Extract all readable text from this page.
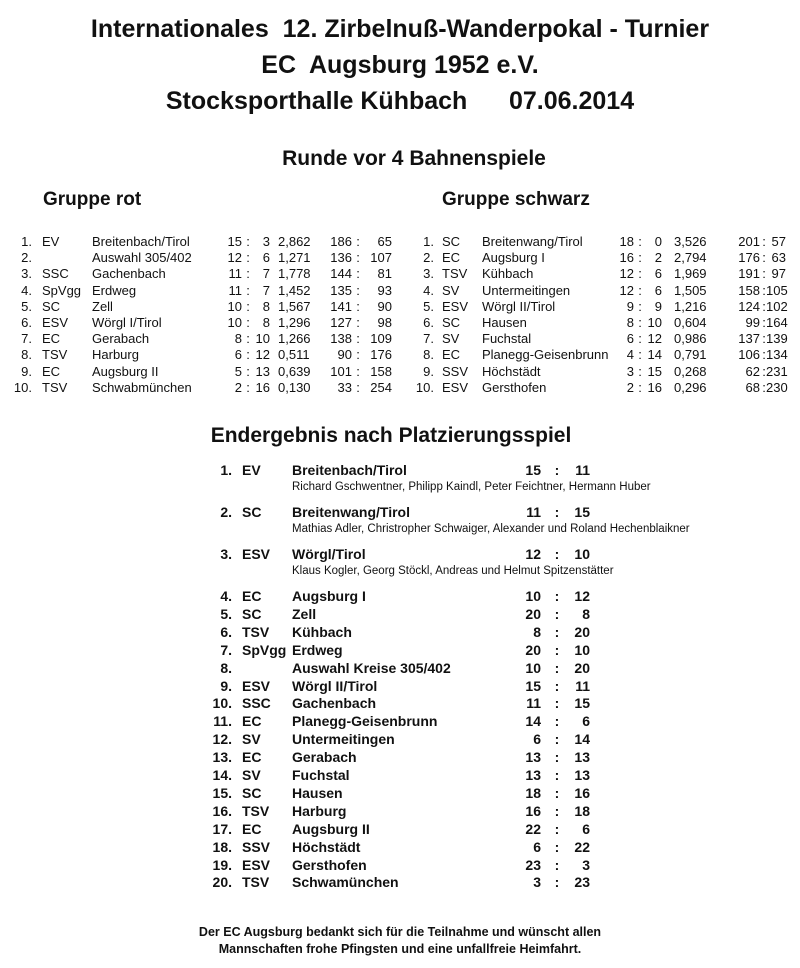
Internationales  12. Zirbelnuß-Wanderpokal - Turnier
EC  Augsburg 1952 e.V.
Stocksporthalle Kühbach      07.06.2014
Runde vor 4 Bahnenspiele
Gruppe rot	Gruppe schwarz
1. EV	Breitenbach/Tirol	15 : 3 2,862	186 :	65
2.	Auswahl 305/402	12 : 6 1,271	136 : 107
3. SSC Gachenbach	11 : 7 1,778	144 :	81
4. SpVgg Erdweg	11 : 7 1,452	135 :	93
5. SC Zell	10 : 8 1,567	141 :	90
6. ESV Wörgl I/Tirol	10 : 8 1,296	127 :	98
7. EC Gerabach	8 : 10 1,266	138 : 109
8. TSV Harburg	6 : 12 0,511	90 : 176
9. EC Augsburg II	5 : 13 0,639	101 : 158
10. TSV Schwabmünchen	2 : 16 0,130	33 : 254
1. SC Breitenwang/Tirol	18 : 0 3,526	201 : 57
2. EC Augsburg I	16 : 2 2,794	176 : 63
3. TSV Kühbach	12 : 6 1,969	191 : 97
4. SV Untermeitingen	12 : 6 1,505	158 : 105
5. ESV Wörgl II/Tirol	9 : 9 1,216	124 : 102
6. SC Hausen	8 : 10 0,604	99 : 164
7. SV Fuchstal	6 : 12 0,986	137 : 139
8. EC Planegg-Geisenbrunn	4 : 14 0,791	106 : 134
9. SSV Höchstädt	3 : 15 0,268	62 : 231
10. ESV Gersthofen	2 : 16 0,296	68 : 230
Endergebnis nach Platzierungsspiel
1. EV Breitenbach/Tirol	15 :	11
Richard Gschwentner, Philipp Kaindl, Peter Feichtner, Hermann Huber
2. SC Breitenwang/Tirol	11 :	15
Mathias Adler, Christropher Schwaiger, Alexander und Roland Hechenblaikner
3. ESV Wörgl/Tirol	12 :	10
Klaus Kogler, Georg Stöckl, Andreas und Helmut Spitzenstätter
4. EC Augsburg I	10 :	12
5. SC Zell	20 :	8
6. TSV Kühbach	8 :	20
7. SpVgg Erdweg	20 :	10
8.	Auswahl Kreise 305/402	10 :	20
9. ESV Wörgl II/Tirol	15 :	11
10. SSC Gachenbach	11 :	15
11. EC Planegg-Geisenbrunn	14 :	6
12. SV Untermeitingen	6 :	14
13. EC Gerabach	13 :	13
14. SV Fuchstal	13 :	13
15. SC Hausen	18 :	16
16. TSV Harburg	16 :	18
17. EC Augsburg II	22 :	6
18. SSV Höchstädt	6 :	22
19. ESV Gersthofen	23 :	3
20. TSV Schwamünchen	3 :	23
Der EC Augsburg bedankt sich für die Teilnahme und wünscht allen
Mannschaften frohe Pfingsten und eine unfallfreie Heimfahrt.
